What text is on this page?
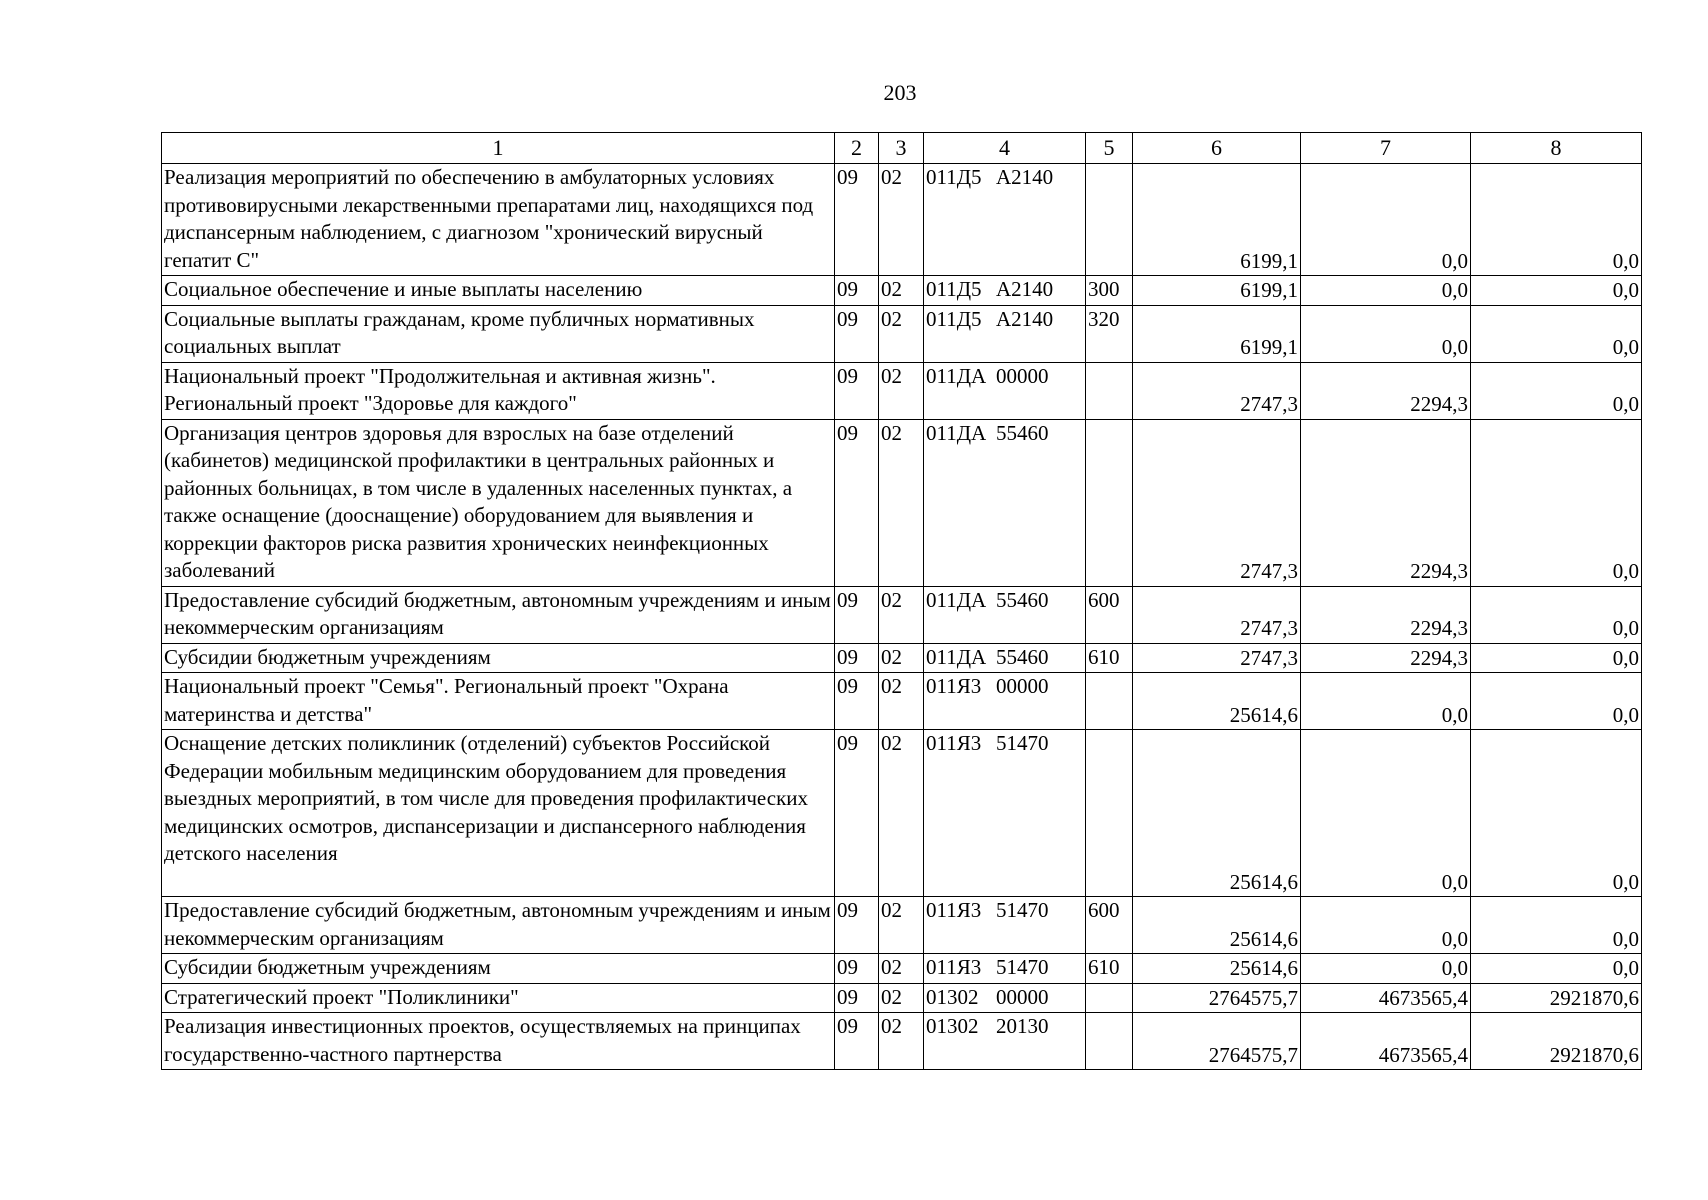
203
1	2	3	4	5	6	7	8
Реализация мероприятий по обеспечению в амбулаторных условиях противовирусными лекарственными препаратами лиц, находящихся под диспансерным наблюдением, с диагнозом "хронический вирусный гепатит С"	09	02	011Д5 А2140		6199,1	0,0	0,0
Социальное обеспечение и иные выплаты населению	09	02	011Д5 А2140	300	6199,1	0,0	0,0
Социальные выплаты гражданам, кроме публичных нормативных социальных выплат	09	02	011Д5 А2140	320	6199,1	0,0	0,0
Национальный проект "Продолжительная и активная жизнь". Региональный проект "Здоровье для каждого"	09	02	011ДА 00000		2747,3	2294,3	0,0
Организация центров здоровья для взрослых на базе отделений (кабинетов) медицинской профилактики в центральных районных и районных больницах, в том числе в удаленных населенных пунктах, а также оснащение (дооснащение) оборудованием для выявления и коррекции факторов риска развития хронических неинфекционных заболеваний	09	02	011ДА 55460		2747,3	2294,3	0,0
Предоставление субсидий бюджетным, автономным учреждениям и иным некоммерческим организациям	09	02	011ДА 55460	600	2747,3	2294,3	0,0
Субсидии бюджетным учреждениям	09	02	011ДА 55460	610	2747,3	2294,3	0,0
Национальный проект "Семья". Региональный проект "Охрана материнства и детства"	09	02	011Я3 00000		25614,6	0,0	0,0
Оснащение детских поликлиник (отделений) субъектов Российской Федерации мобильным медицинским оборудованием для проведения выездных мероприятий, в том числе для проведения профилактических медицинских осмотров, диспансеризации и диспансерного наблюдения детского населения	09	02	011Я3 51470		25614,6	0,0	0,0
Предоставление субсидий бюджетным, автономным учреждениям и иным некоммерческим организациям	09	02	011Я3 51470	600	25614,6	0,0	0,0
Субсидии бюджетным учреждениям	09	02	011Я3 51470	610	25614,6	0,0	0,0
Стратегический проект "Поликлиники"	09	02	01302 00000		2764575,7	4673565,4	2921870,6
Реализация инвестиционных проектов, осуществляемых на принципах государственно-частного партнерства	09	02	01302 20130		2764575,7	4673565,4	2921870,6
